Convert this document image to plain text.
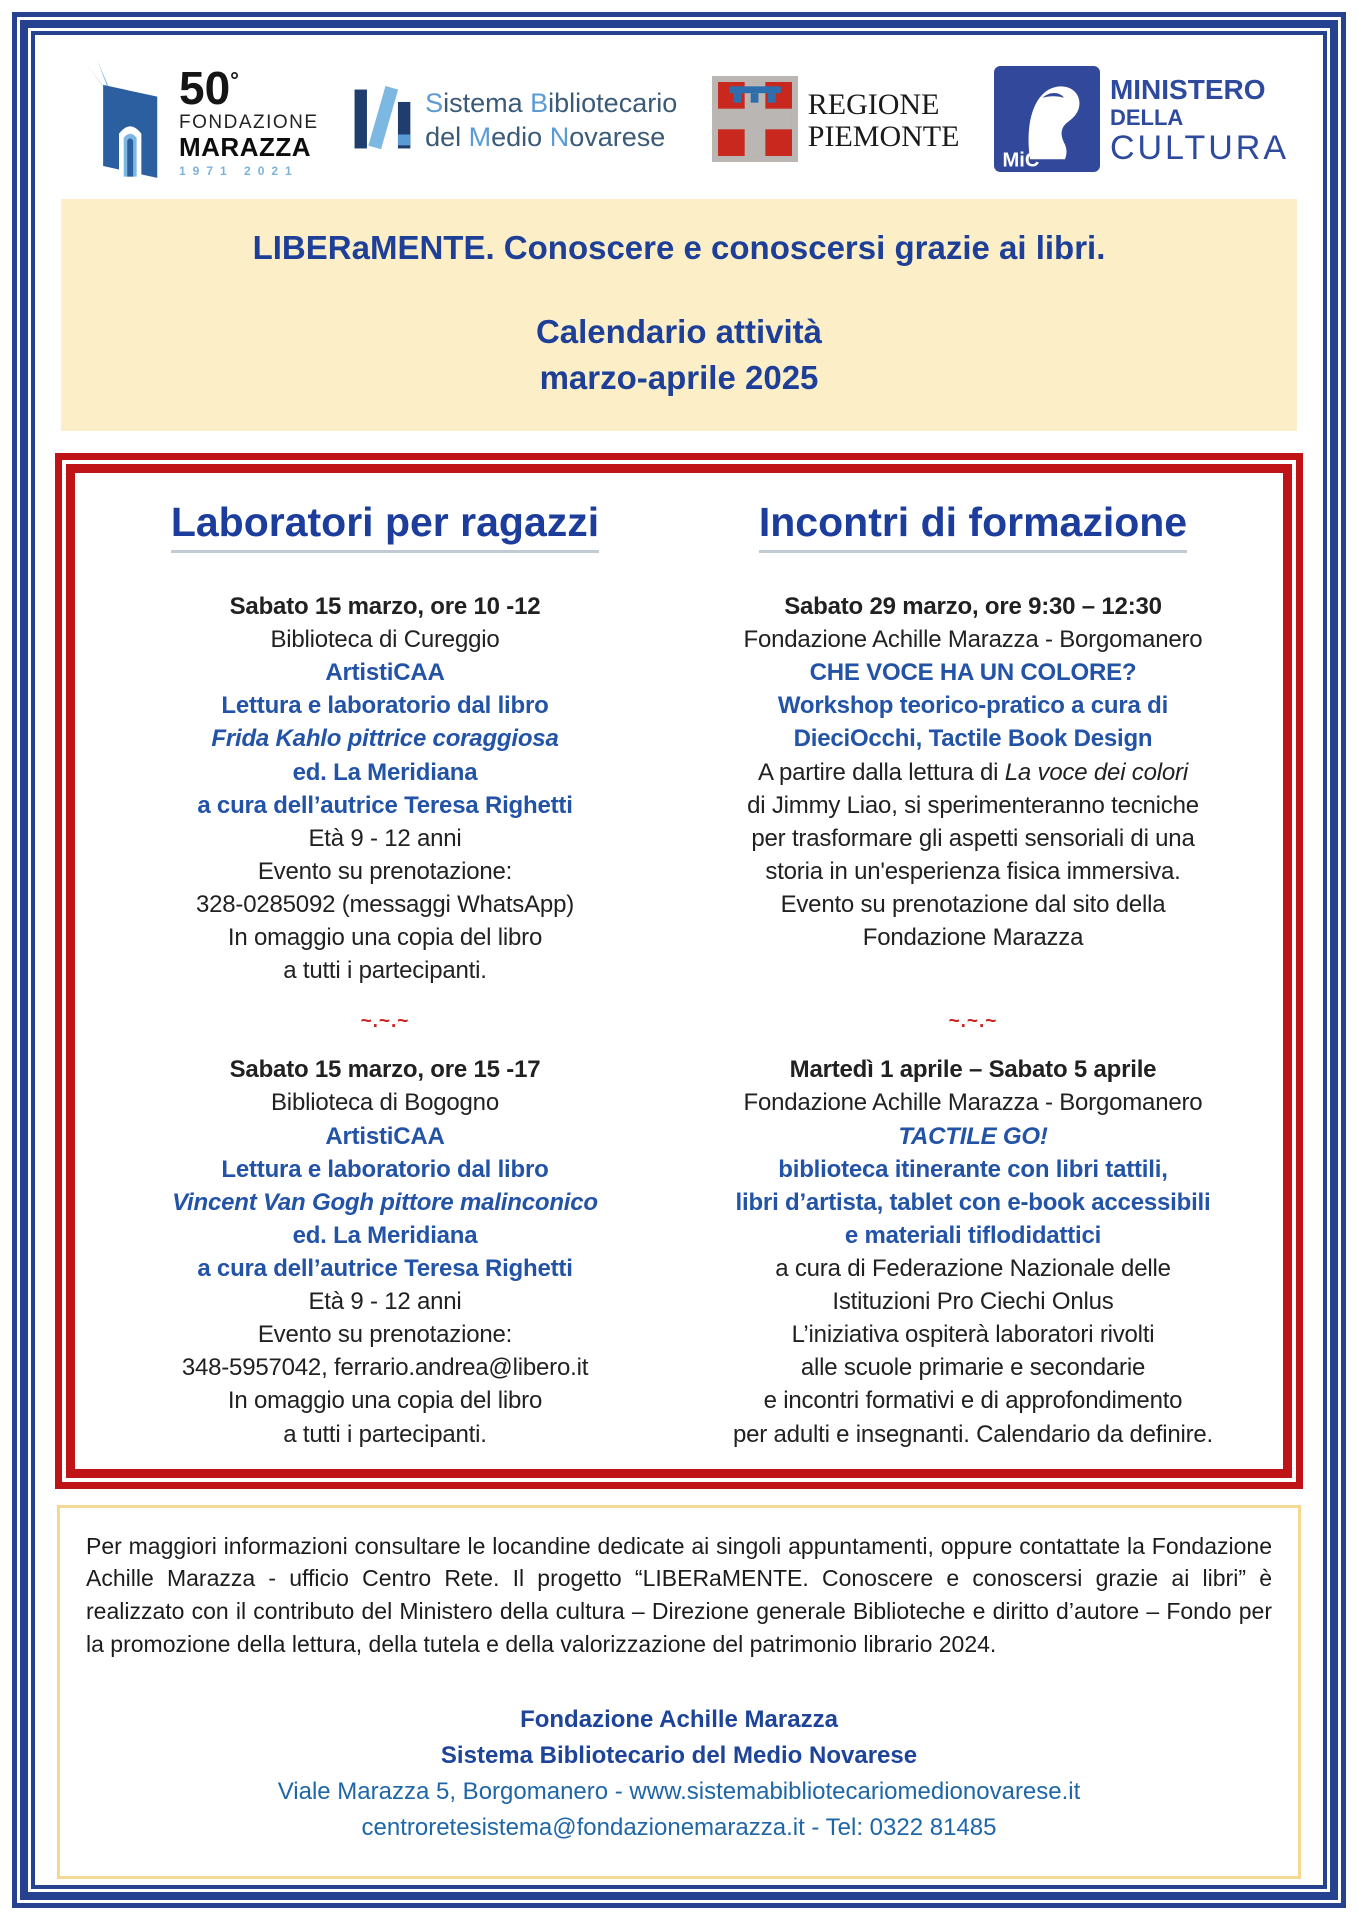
50°
FONDAZIONE
MARAZZA
1971 2021
Sistema Bibliotecario
del Medio Novarese
REGIONE
PIEMONTE
MiC
MINISTERO
DELLA
CULTURA
LIBERaMENTE. Conoscere e conoscersi grazie ai libri.
Calendario attività
marzo-aprile 2025
Laboratori per ragazzi
Sabato 15 marzo, ore 10 -12
Biblioteca di Cureggio
ArtistiCAA
Lettura e laboratorio dal libro
Frida Kahlo pittrice coraggiosa
ed. La Meridiana
a cura dell’autrice Teresa Righetti
Età 9 - 12 anni
Evento su prenotazione:
328-0285092 (messaggi WhatsApp)
In omaggio una copia del libro
a tutti i partecipanti.
Sabato 15 marzo, ore 15 -17
Biblioteca di Bogogno
ArtistiCAA
Lettura e laboratorio dal libro
Vincent Van Gogh pittore malinconico
ed. La Meridiana
a cura dell’autrice Teresa Righetti
Età 9 - 12 anni
Evento su prenotazione:
348-5957042, ferrario.andrea@libero.it
In omaggio una copia del libro
a tutti i partecipanti.
~.~.~
Incontri di formazione
Sabato 29 marzo, ore 9:30 – 12:30
Fondazione Achille Marazza - Borgomanero
CHE VOCE HA UN COLORE?
Workshop teorico-pratico a cura di
DieciOcchi, Tactile Book Design
A partire dalla lettura di La voce dei colori
di Jimmy Liao, si sperimenteranno tecniche
per trasformare gli aspetti sensoriali di una
storia in un'esperienza fisica immersiva.
Evento su prenotazione dal sito della
Fondazione Marazza
Martedì 1 aprile – Sabato 5 aprile
Fondazione Achille Marazza - Borgomanero
TACTILE GO!
biblioteca itinerante con libri tattili,
libri d’artista, tablet con e-book accessibili
e materiali tiflodidattici
a cura di Federazione Nazionale delle
Istituzioni Pro Ciechi Onlus
L’iniziativa ospiterà laboratori rivolti
alle scuole primarie e secondarie
e incontri formativi e di approfondimento
per adulti e insegnanti. Calendario da definire.
~.~.~
Per maggiori informazioni consultare le locandine dedicate ai singoli appuntamenti, oppure contattate la Fondazione Achille Marazza - ufficio Centro Rete. Il progetto “LIBERaMENTE. Conoscere e conoscersi grazie ai libri” è realizzato con il contributo del Ministero della cultura – Direzione generale Biblioteche e diritto d’autore – Fondo per la promozione della lettura, della tutela e della valorizzazione del patrimonio librario 2024.
Fondazione Achille Marazza
Sistema Bibliotecario del Medio Novarese
Viale Marazza 5, Borgomanero - www.sistemabibliotecariomedionovarese.it
centroretesistema@fondazionemarazza.it - Tel: 0322 81485
